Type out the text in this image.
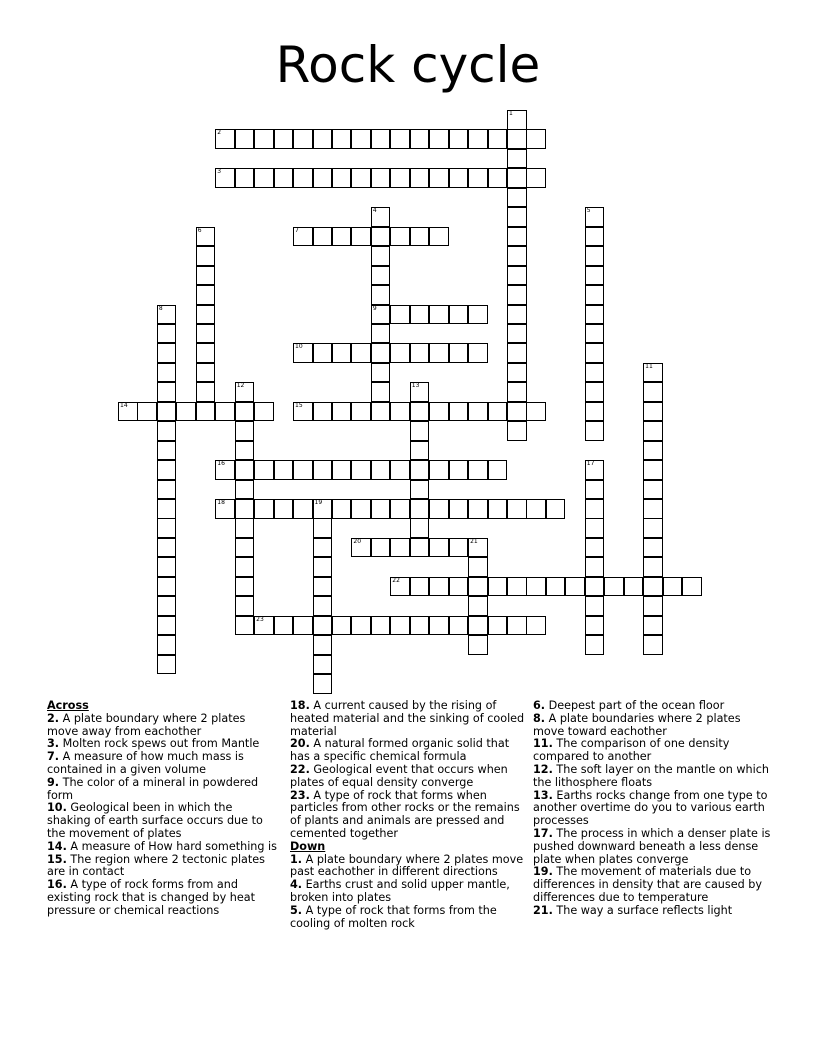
Rock cycle
1
2
3
4
9
5
6	7
8
10
11
12	13
14	15
16	17
18	19
20	21
22
23
Across
2. A plate boundary where 2 plates move away from eachother
3. Molten rock spews out from Mantle
7. A measure of how much mass is contained in a given volume
9. The color of a mineral in powdered form
10. Geological been in which the shaking of earth surface occurs due to the movement of plates
14. A measure of How hard something is
15. The region where 2 tectonic plates are in contact
16. A type of rock forms from and existing rock that is changed by heat pressure or chemical reactions
18. A current caused by the rising of heated material and the sinking of cooled material
20. A natural formed organic solid that has a specific chemical formula
22. Geological event that occurs when plates of equal density converge
23. A type of rock that forms when particles from other rocks or the remains of plants and animals are pressed and cemented together
Down
1. A plate boundary where 2 plates move past eachother in different directions
4. Earths crust and solid upper mantle, broken into plates
5. A type of rock that forms from the cooling of molten rock
6. Deepest part of the ocean floor
8. A plate boundaries where 2 plates move toward eachother
11. The comparison of one density compared to another
12. The soft layer on the mantle on which the lithosphere floats
13. Earths rocks change from one type to another overtime do you to various earth processes
17. The process in which a denser plate is pushed downward beneath a less dense plate when plates converge
19. The movement of materials due to differences in density that are caused by differences due to temperature
21. The way a surface reflects light
